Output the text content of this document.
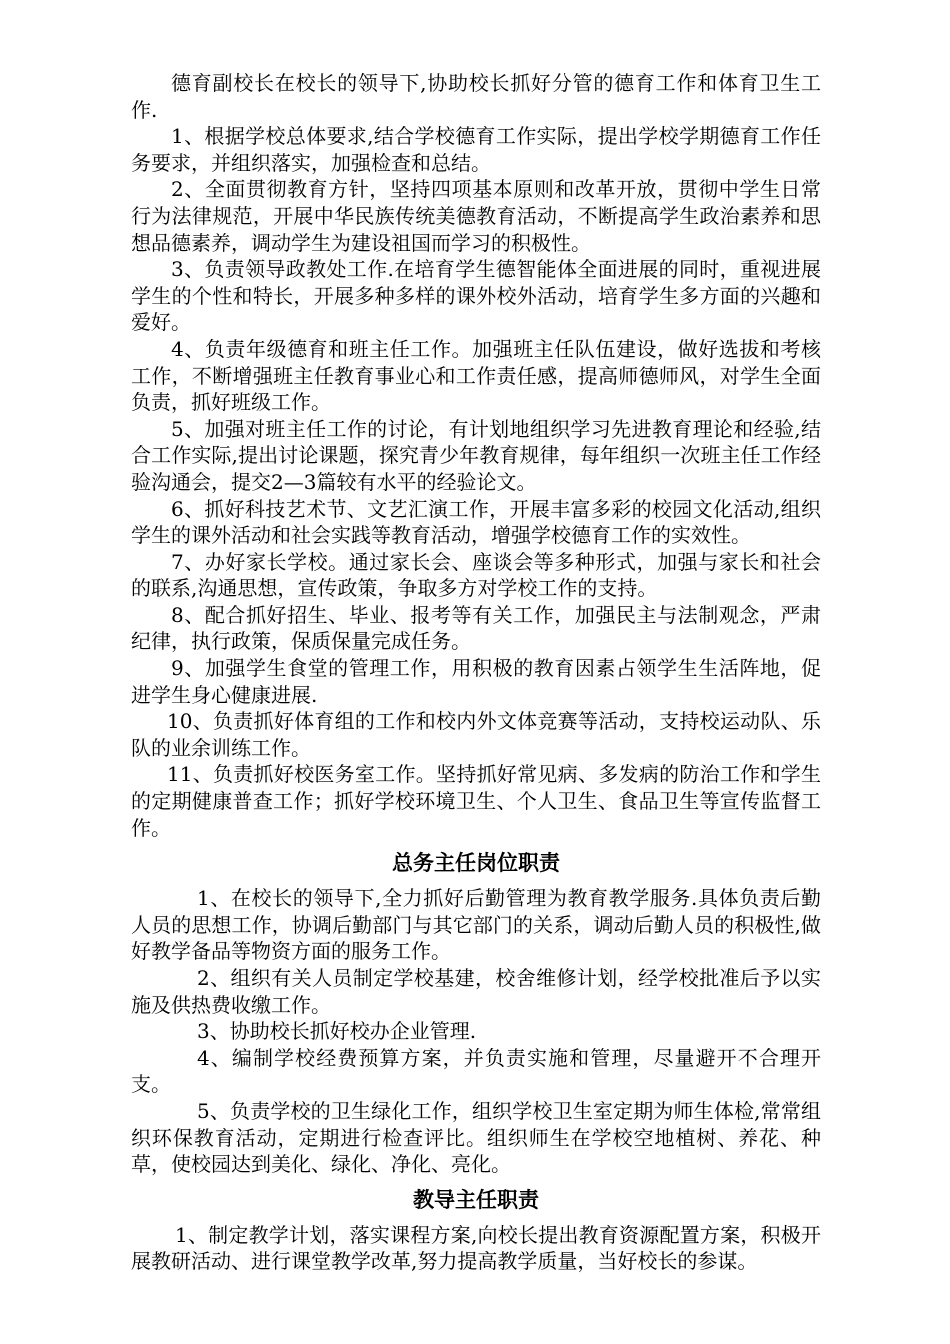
德育副校长在校长的领导下,协助校长抓好分管的德育工作和体育卫生工作.

1、根据学校总体要求,结合学校德育工作实际，提出学校学期德育工作任务要求，并组织落实，加强检查和总结。

2、全面贯彻教育方针，坚持四项基本原则和改革开放，贯彻中学生日常行为法律规范，开展中华民族传统美德教育活动，不断提高学生政治素养和思想品德素养，调动学生为建设祖国而学习的积极性。

3、负责领导政教处工作.在培育学生德智能体全面进展的同时，重视进展学生的个性和特长，开展多种多样的课外校外活动，培育学生多方面的兴趣和爱好。

4、负责年级德育和班主任工作。加强班主任队伍建设，做好选拔和考核工作，不断增强班主任教育事业心和工作责任感，提高师德师风，对学生全面负责，抓好班级工作。

5、加强对班主任工作的讨论，有计划地组织学习先进教育理论和经验,结合工作实际,提出讨论课题，探究青少年教育规律，每年组织一次班主任工作经验沟通会，提交2—3篇较有水平的经验论文。

6、抓好科技艺术节、文艺汇演工作，开展丰富多彩的校园文化活动,组织学生的课外活动和社会实践等教育活动，增强学校德育工作的实效性。

7、办好家长学校。通过家长会、座谈会等多种形式，加强与家长和社会的联系,沟通思想，宣传政策，争取多方对学校工作的支持。

8、配合抓好招生、毕业、报考等有关工作，加强民主与法制观念，严肃纪律，执行政策，保质保量完成任务。

9、加强学生食堂的管理工作，用积极的教育因素占领学生生活阵地，促进学生身心健康进展.

10、负责抓好体育组的工作和校内外文体竞赛等活动，支持校运动队、乐队的业余训练工作。

11、负责抓好校医务室工作。坚持抓好常见病、多发病的防治工作和学生的定期健康普查工作；抓好学校环境卫生、个人卫生、食品卫生等宣传监督工作。

总务主任岗位职责

1、在校长的领导下,全力抓好后勤管理为教育教学服务.具体负责后勤人员的思想工作，协调后勤部门与其它部门的关系，调动后勤人员的积极性,做好教学备品等物资方面的服务工作。

2、组织有关人员制定学校基建，校舍维修计划，经学校批准后予以实施及供热费收缴工作。

3、协助校长抓好校办企业管理.

4、编制学校经费预算方案，并负责实施和管理，尽量避开不合理开支。

5、负责学校的卫生绿化工作，组织学校卫生室定期为师生体检,常常组织环保教育活动，定期进行检查评比。组织师生在学校空地植树、养花、种草，使校园达到美化、绿化、净化、亮化。

教导主任职责

1、制定教学计划，落实课程方案,向校长提出教育资源配置方案，积极开展教研活动、进行课堂教学改革,努力提高教学质量，当好校长的参谋。
